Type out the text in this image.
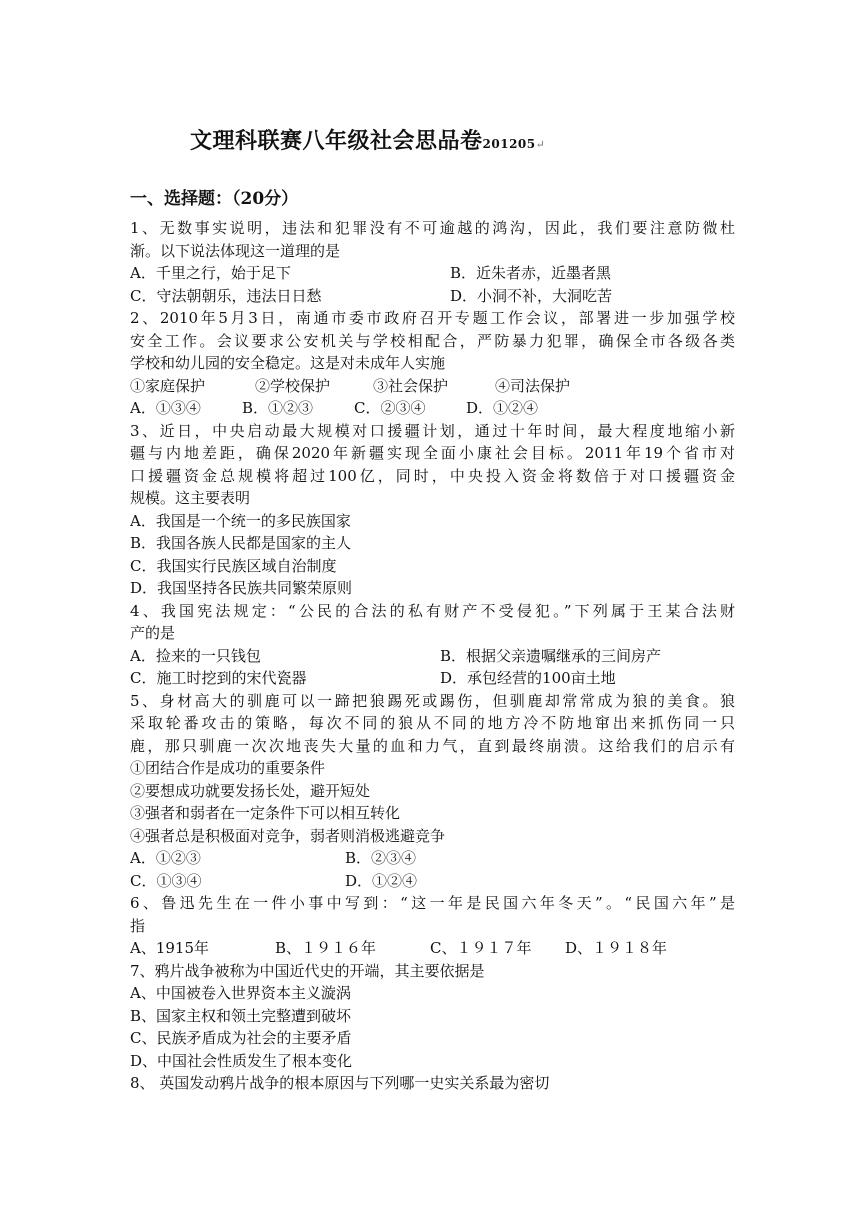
文理科联赛八年级社会思品卷201205↵
一、选择题：（20分）
1、无数事实说明，违法和犯罪没有不可逾越的鸿沟，因此，我们要注意防微杜
渐。以下说法体现这一道理的是
A．千里之行，始于足下	B．近朱者赤，近墨者黑
C．守法朝朝乐，违法日日愁	D．小洞不补，大洞吃苦
2、2010年5月3日，南通市委市政府召开专题工作会议，部署进一步加强学校
安全工作。会议要求公安机关与学校相配合，严防暴力犯罪，确保全市各级各类
学校和幼儿园的安全稳定。这是对未成年人实施
①家庭保护	②学校保护	③社会保护	④司法保护
A．①③④	B．①②③	C．②③④	D．①②④
3、近日，中央启动最大规模对口援疆计划，通过十年时间，最大程度地缩小新
疆与内地差距，确保2020年新疆实现全面小康社会目标。2011年19个省市对
口援疆资金总规模将超过100亿，同时，中央投入资金将数倍于对口援疆资金
规模。这主要表明
A．我国是一个统一的多民族国家
B．我国各族人民都是国家的主人
C．我国实行民族区域自治制度
D．我国坚持各民族共同繁荣原则
4、我国宪法规定：“公民的合法的私有财产不受侵犯。”下列属于王某合法财
产的是
A．捡来的一只钱包	B．根据父亲遗嘱继承的三间房产
C．施工时挖到的宋代瓷器	D．承包经营的100亩土地
5、身材高大的驯鹿可以一蹄把狼踢死或踢伤，但驯鹿却常常成为狼的美食。狼
采取轮番攻击的策略，每次不同的狼从不同的地方冷不防地窜出来抓伤同一只
鹿，那只驯鹿一次次地丧失大量的血和力气，直到最终崩溃。这给我们的启示有
①团结合作是成功的重要条件
②要想成功就要发扬长处，避开短处
③强者和弱者在一定条件下可以相互转化
④强者总是积极面对竞争，弱者则消极逃避竞争
A．①②③	B．②③④
C．①③④	D．①②④
6、鲁迅先生在一件小事中写到：“这一年是民国六年冬天”。“民国六年”是
指
A、1915年	B、１９１６年	C、１９１７年 D、１９１８年
7、鸦片战争被称为中国近代史的开端，其主要依据是
A、中国被卷入世界资本主义漩涡
B、国家主权和领土完整遭到破坏
C、民族矛盾成为社会的主要矛盾
D、中国社会性质发生了根本变化
8、 英国发动鸦片战争的根本原因与下列哪一史实关系最为密切
